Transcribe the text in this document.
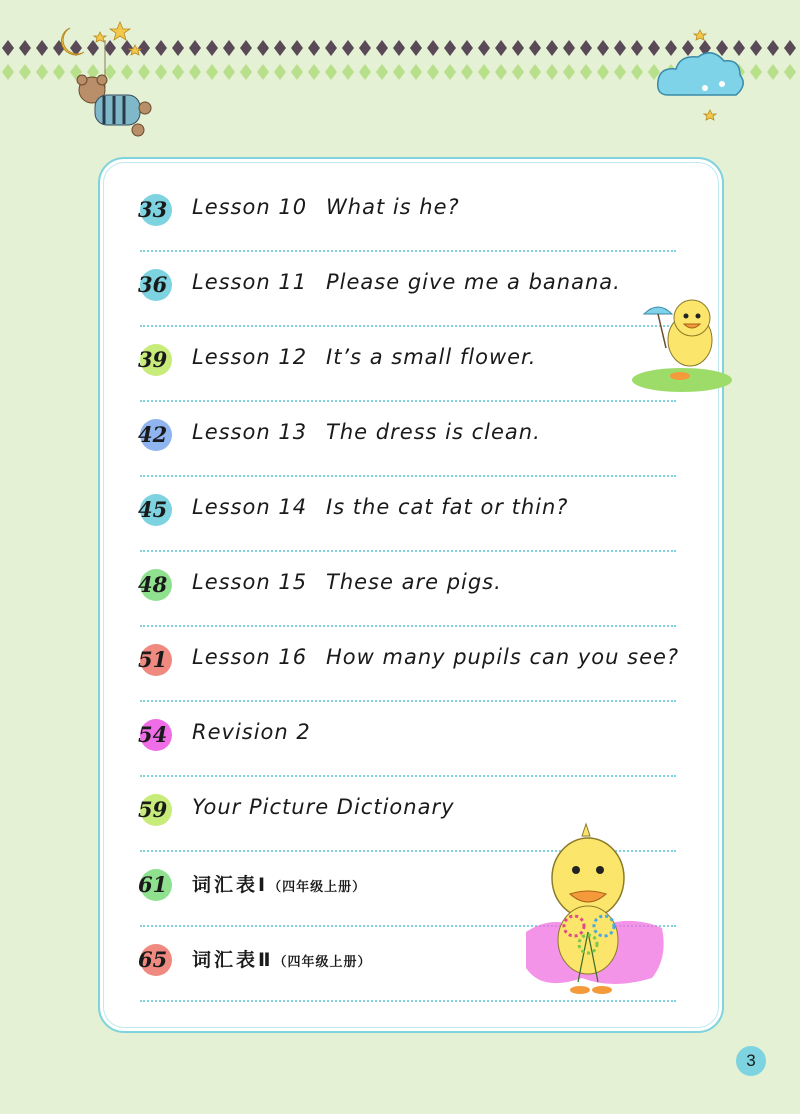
33 Lesson 10 What is he?
36 Lesson 11 Please give me a banana.
39 Lesson 12 It’s a small flower.
42 Lesson 13 The dress is clean.
45 Lesson 14 Is the cat fat or thin?
48 Lesson 15 These are pigs.
51 Lesson 16 How many pupils can you see?
54 Revision 2
59 Your Picture Dictionary
61 词汇表Ⅰ（四年级上册）
65 词汇表Ⅱ（四年级上册）
3
